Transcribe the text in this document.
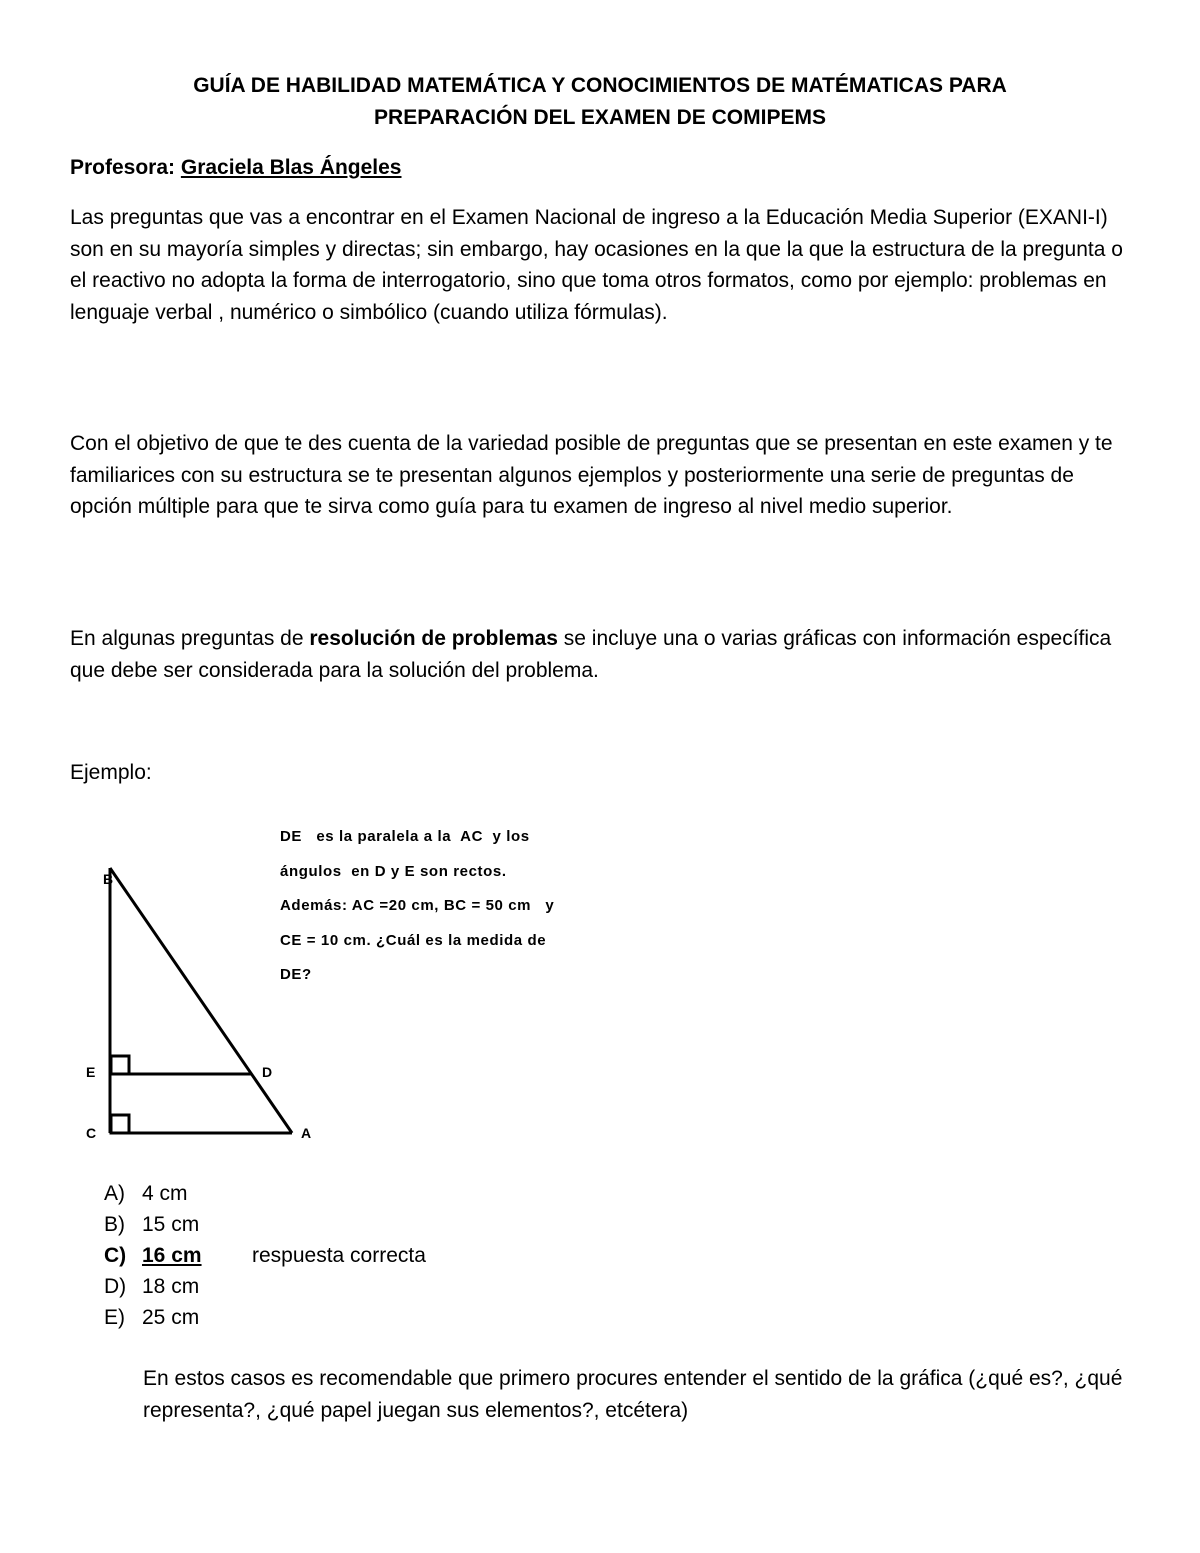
GUÍA DE HABILIDAD MATEMÁTICA Y CONOCIMIENTOS DE MATÉMATICAS PARA
PREPARACIÓN DEL EXAMEN DE COMIPEMS
Profesora: Graciela Blas Ángeles
Las preguntas que vas a encontrar en el Examen Nacional de ingreso a la Educación Media Superior (EXANI-I) son en su mayoría simples y directas; sin embargo, hay ocasiones en la que la que la estructura de la pregunta o el reactivo no adopta la forma de interrogatorio, sino que toma otros formatos, como por ejemplo: problemas en lenguaje verbal , numérico o simbólico (cuando utiliza fórmulas).
Con el objetivo de que te des cuenta de la variedad posible de preguntas que se presentan en este examen y te familiarices con su estructura se te presentan algunos ejemplos y posteriormente una serie de preguntas de opción múltiple para que te sirva como guía para tu examen de ingreso al nivel medio superior.
En algunas preguntas de resolución de problemas se incluye una o varias gráficas con información específica que debe ser considerada para la solución del problema.
Ejemplo:
B
E	D
C	A
DE   es la paralela a la  AC  y los
ángulos  en D y E son rectos.
Además: AC =20 cm, BC = 50 cm   y
CE = 10 cm. ¿Cuál es la medida de
DE?
A) 4 cm
B) 15 cm
C) 16 cm respuesta correcta
D) 18 cm
E) 25 cm
En estos casos es recomendable que primero procures entender el sentido de la gráfica (¿qué es?, ¿qué representa?, ¿qué papel juegan sus elementos?, etcétera)
